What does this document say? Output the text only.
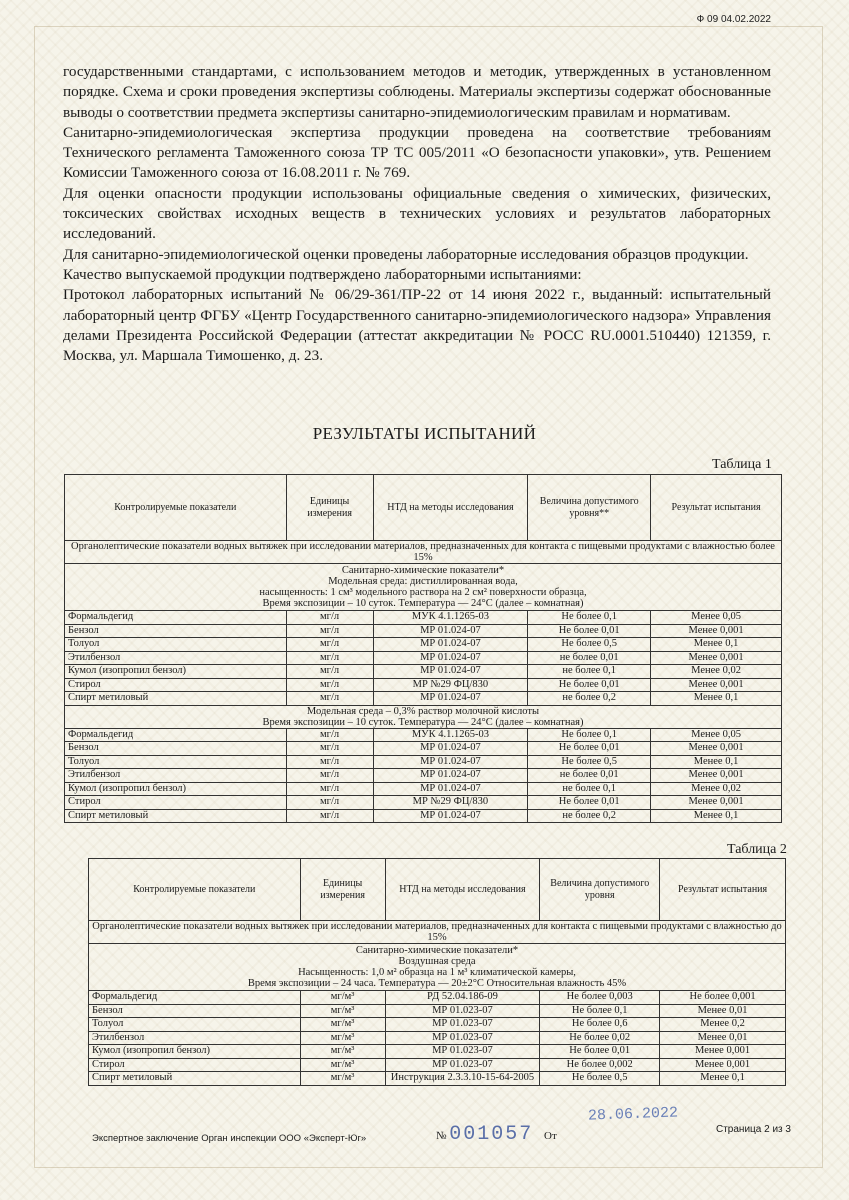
Ф 09 04.02.2022

государственными стандартами, с использованием методов и методик, утвержденных в установленном порядке. Схема и сроки проведения экспертизы соблюдены. Материалы экспертизы содержат обоснованные выводы о соответствии предмета экспертизы санитарно-эпидемиологическим правилам и нормативам.

Санитарно-эпидемиологическая экспертиза продукции проведена на соответствие требованиям Технического регламента Таможенного союза ТР ТС 005/2011 «О безопасности упаковки», утв. Решением Комиссии Таможенного союза от 16.08.2011 г. № 769.

Для оценки опасности продукции использованы официальные сведения о химических, физических, токсических свойствах исходных веществ в технических условиях и результатов лабораторных исследований.

Для санитарно-эпидемиологической оценки проведены лабораторные исследования образцов продукции.

Качество выпускаемой продукции подтверждено лабораторными испытаниями:

Протокол лабораторных испытаний № 06/29-361/ПР-22 от 14 июня 2022 г., выданный: испытательный лабораторный центр ФГБУ «Центр Государственного санитарно-эпидемиологического надзора» Управления делами Президента Российской Федерации (аттестат аккредитации № РОСС RU.0001.510440) 121359, г. Москва, ул. Маршала Тимошенко, д. 23.

РЕЗУЛЬТАТЫ ИСПЫТАНИЙ
Таблица 1
Контролируемые показатели	Единицы измерения	НТД на методы исследования	Величина допустимого уровня**	Результат испытания
Органолептические показатели водных вытяжек при исследовании материалов, предназначенных для контакта с пищевыми продуктами с влажностью более 15%				

Санитарно-химические показатели*
Модельная среда: дистиллированная вода,
насыщенность: 1 см³ модельного раствора на 2 см² поверхности образца,
Время экспозиции – 10 суток. Температура — 24°С (далее – комнатная)				

Формальдегид	мг/л	МУК 4.1.1265-03	Не более 0,1	Менее 0,05
Бензол	мг/л	МР 01.024-07	Не более 0,01	Менее 0,001
Толуол	мг/л	МР 01.024-07	Не более 0,5	Менее 0,1
Этилбензол	мг/л	МР 01.024-07	не более 0,01	Менее 0,001
Кумол (изопропил бензол)	мг/л	МР 01.024-07	не более 0,1	Менее 0,02
Стирол	мг/л	МР №29 ФЦ/830	Не более 0,01	Менее 0,001
Спирт метиловый	мг/л	МР 01.024-07	не более 0,2	Менее 0,1

Модельная среда – 0,3% раствор молочной кислоты
Время экспозиции – 10 суток. Температура — 24°С (далее – комнатная)				

Формальдегид	мг/л	МУК 4.1.1265-03	Не более 0,1	Менее 0,05
Бензол	мг/л	МР 01.024-07	Не более 0,01	Менее 0,001
Толуол	мг/л	МР 01.024-07	Не более 0,5	Менее 0,1
Этилбензол	мг/л	МР 01.024-07	не более 0,01	Менее 0,001
Кумол (изопропил бензол)	мг/л	МР 01.024-07	не более 0,1	Менее 0,02
Стирол	мг/л	МР №29 ФЦ/830	Не более 0,01	Менее 0,001
Спирт метиловый	мг/л	МР 01.024-07	не более 0,2	Менее 0,1
Таблица 2
Контролируемые показатели	Единицы измерения	НТД на методы исследования	Величина допустимого уровня	Результат испытания
Органолептические показатели водных вытяжек при исследовании материалов, предназначенных для контакта с пищевыми продуктами с влажностью до 15%				

Санитарно-химические показатели*
Воздушная среда
Насыщенность: 1,0 м² образца на 1 м³ климатической камеры,
Время экспозиции – 24 часа. Температура — 20±2°С Относительная влажность 45%				

Формальдегид	мг/м³	РД 52.04.186-09	Не более 0,003	Не более 0,001
Бензол	мг/м³	МР 01.023-07	Не более 0,1	Менее 0,01
Толуол	мг/м³	МР 01.023-07	Не более 0,6	Менее 0,2
Этилбензол	мг/м³	МР 01.023-07	Не более 0,02	Менее 0,01
Кумол (изопропил бензол)	мг/м³	МР 01.023-07	Не более 0,01	Менее 0,001
Стирол	мг/м³	МР 01.023-07	Не более 0,002	Менее 0,001
Спирт метиловый	мг/м³	Инструкция 2.3.3.10-15-64-2005	Не более 0,5	Менее 0,1
Экспертное заключение Орган инспекции ООО «Эксперт-Юг»	№ 001057 От
28.06.2022
Страница 2 из 3
